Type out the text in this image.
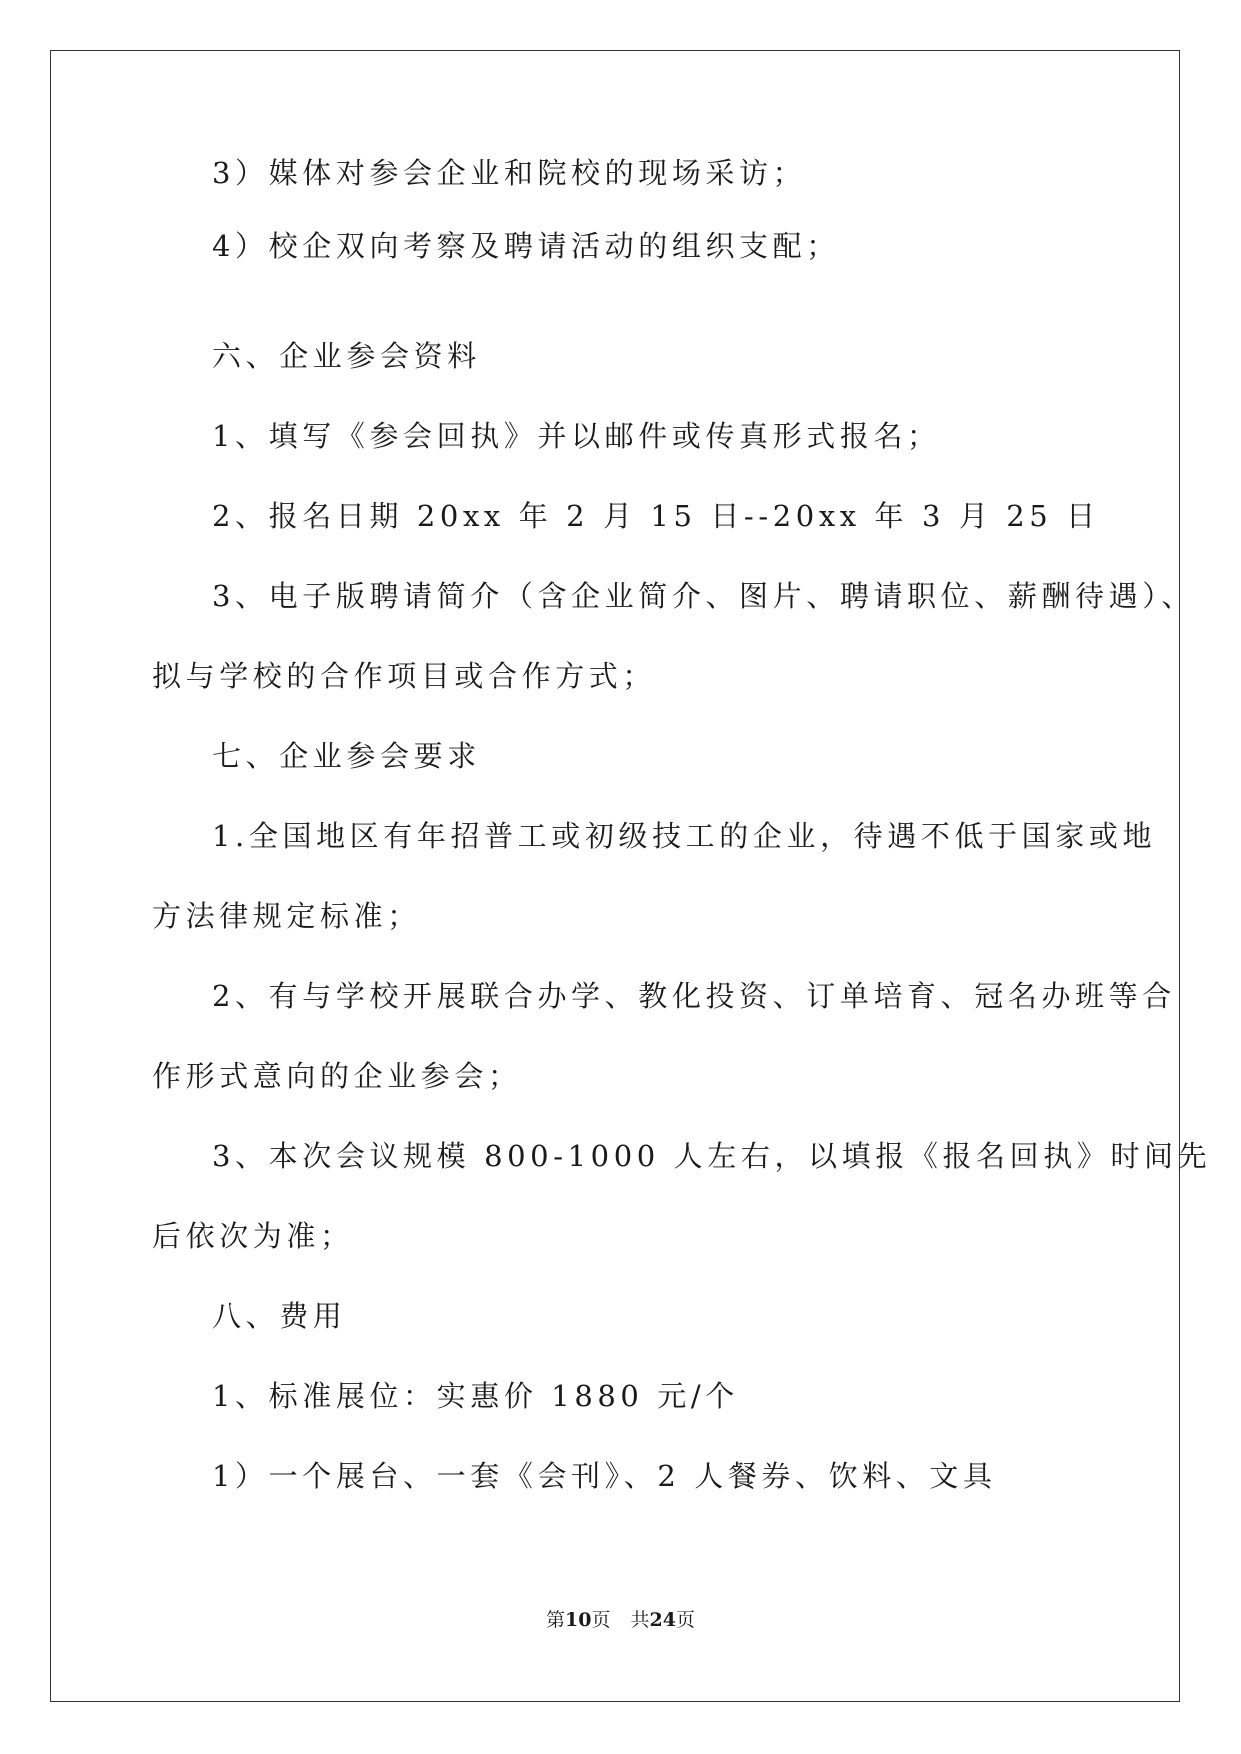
3）媒体对参会企业和院校的现场采访；
4）校企双向考察及聘请活动的组织支配；
六、企业参会资料
1、填写《参会回执》并以邮件或传真形式报名；
2、报名日期 20xx 年 2 月 15 日--20xx 年 3 月 25 日
3、电子版聘请简介（含企业简介、图片、聘请职位、薪酬待遇）、
拟与学校的合作项目或合作方式；
七、企业参会要求
1.全国地区有年招普工或初级技工的企业，待遇不低于国家或地
方法律规定标准；
2、有与学校开展联合办学、教化投资、订单培育、冠名办班等合
作形式意向的企业参会；
3、本次会议规模 800-1000 人左右，以填报《报名回执》时间先
后依次为准；
八、费用
1、标准展位：实惠价 1880 元/个
1）一个展台、一套《会刊》、2 人餐券、饮料、文具
第10页 共24页
